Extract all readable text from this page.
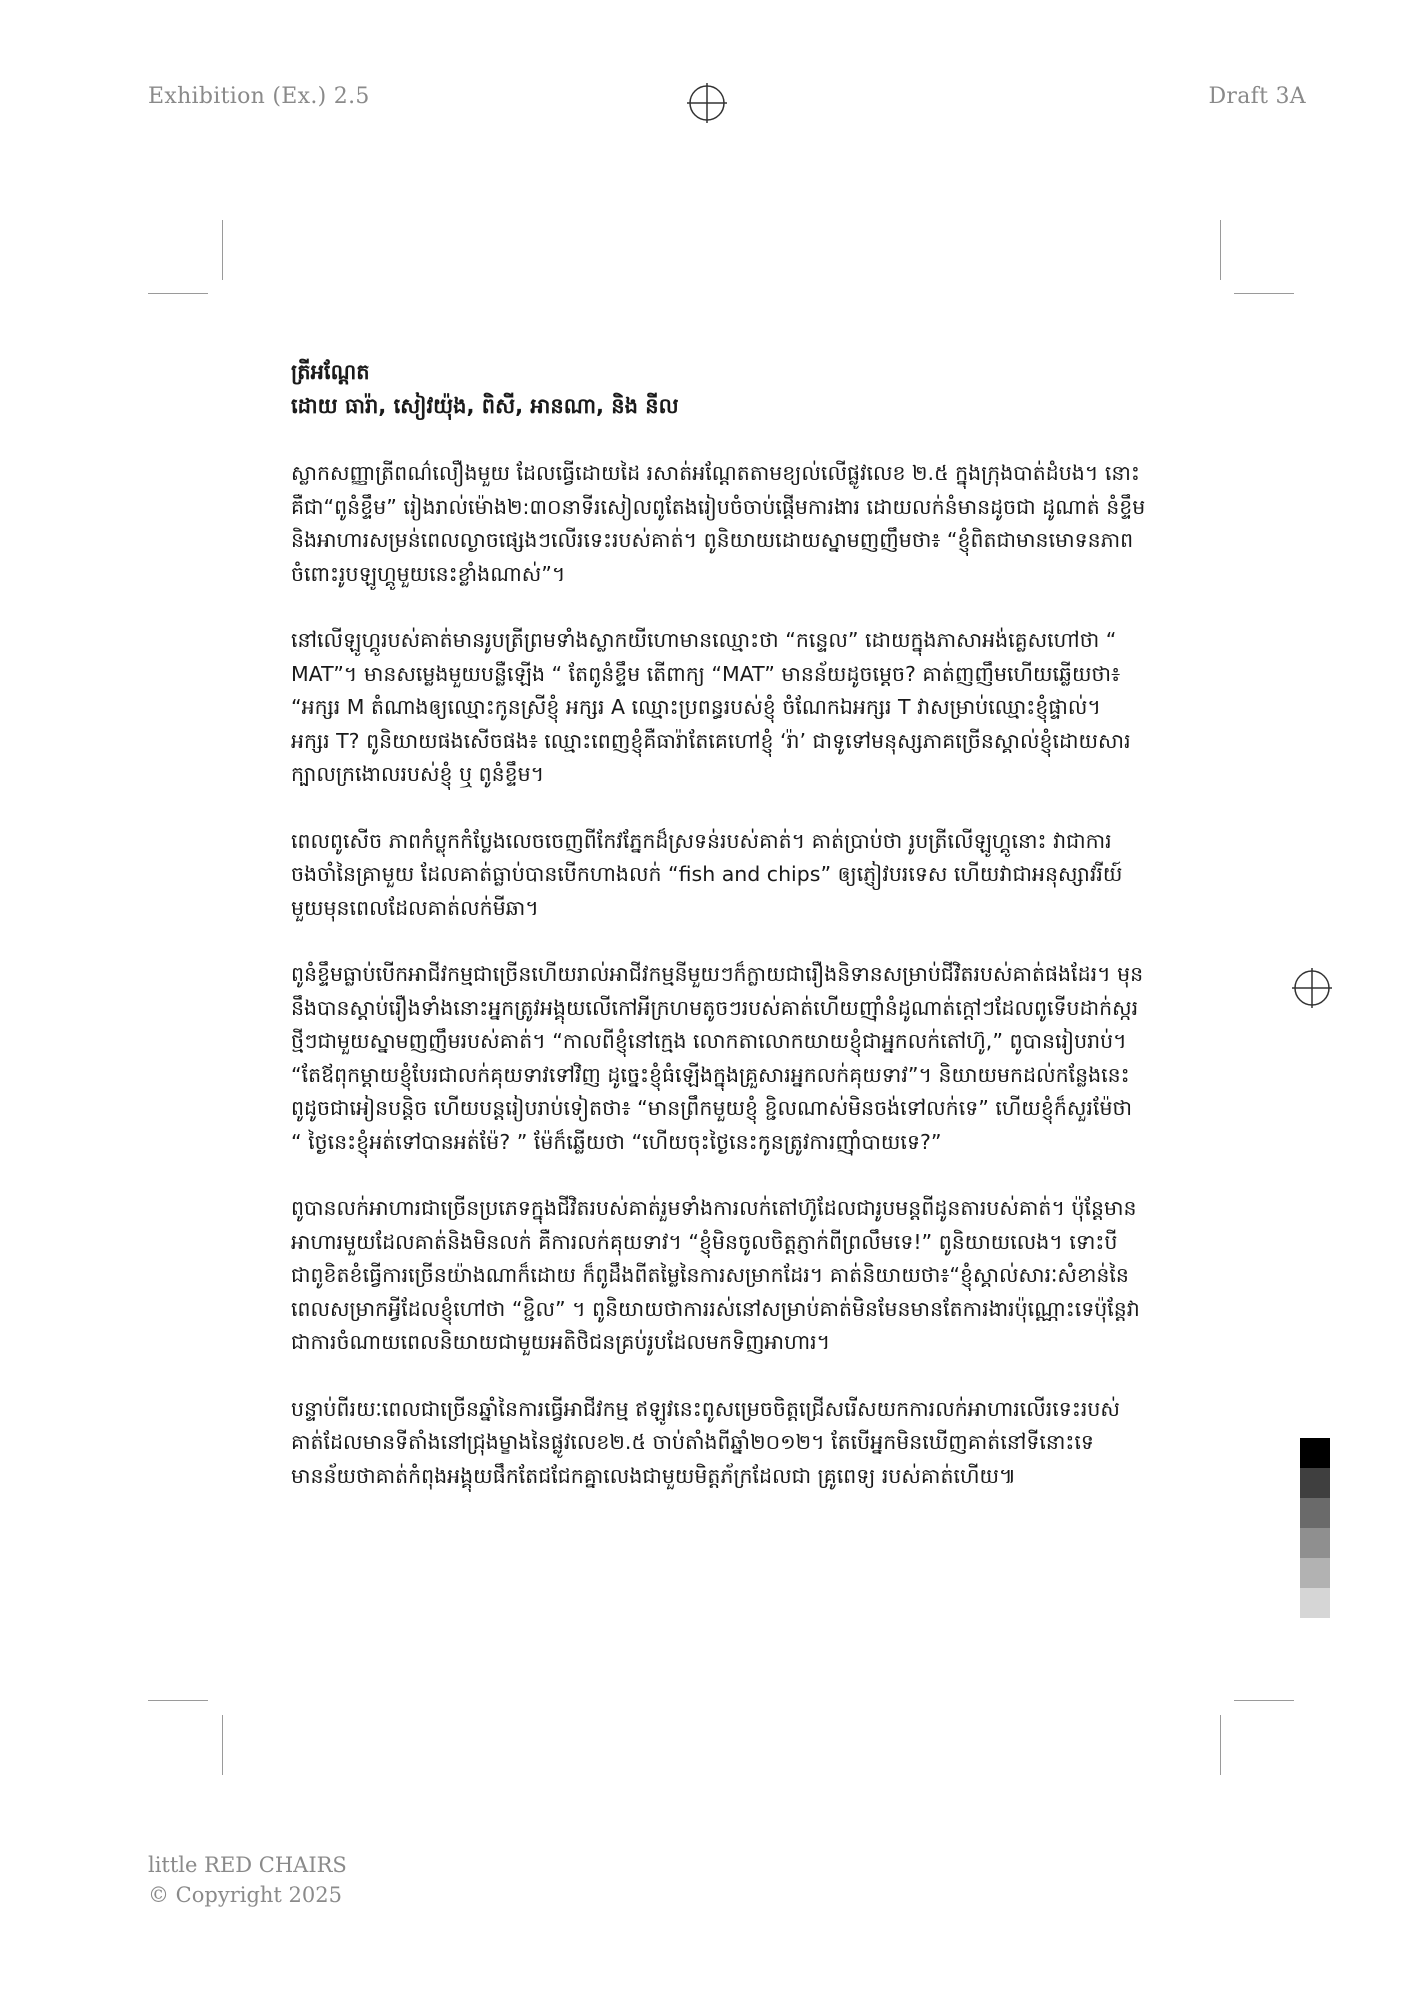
Exhibition (Ex.) 2.5	Draft 3A
ត្រីអណ្តែត
ដោយ ធារ៉ា, សៀវយ៉ុង, ពិសី, អានណា, និង នីល

ស្លាកសញ្ញាត្រីពណ៌លឿងមួយ ដែលធ្វើដោយដៃ រសាត់អណ្តែតតាមខ្យល់លើផ្លូវលេខ ២.៥ ក្នុងក្រុងបាត់ដំបង។ នោះគឺជា“ពូនំខ្ទឹម” រៀងរាល់ម៉ោង២:៣០នាទីរសៀលពូតែងរៀបចំចាប់ផ្តើមការងារ ដោយលក់នំមានដូចជា ដូណាត់ នំខ្ទឹម និងអាហារសម្រន់ពេលល្ងាចផ្សេងៗលើរទេះរបស់គាត់។ ពូនិយាយដោយស្នាមញញឹមថា៖ “ខ្ញុំពិតជាមានមោទនភាពចំពោះរូបឡូហ្គូមួយនេះខ្លាំងណាស់”។

នៅលើឡូហ្គូរបស់គាត់មានរូបត្រីព្រមទាំងស្លាកយីហោមានឈ្មោះថា “កន្ទេល” ដោយក្នុងភាសាអង់គ្លេសហៅថា “ MAT”។ មានសម្លេងមួយបន្លឺឡើង “ តែពូនំខ្ទឹម តើពាក្យ “MAT” មានន័យដូចម្តេច? គាត់ញញឹមហើយឆ្លើយថា៖ “អក្សរ M តំណាងឲ្យឈ្មោះកូនស្រីខ្ញុំ អក្សរ A ឈ្មោះប្រពន្ធរបស់ខ្ញុំ ចំណែកឯអក្សរ T វាសម្រាប់ឈ្មោះខ្ញុំផ្ទាល់។ អក្សរ T? ពូនិយាយផងសើចផង៖ ឈ្មោះពេញខ្ញុំគឺធារ៉ាតែគេហៅខ្ញុំ ‘រ៉ា’ ជាទូទៅមនុស្សភាគច្រើនស្គាល់ខ្ញុំដោយសារ ក្បាលក្រងោលរបស់ខ្ញុំ ឬ ពូនំខ្ទឹម។

ពេលពូសើច ភាពកំប្លុកកំប្លែងលេចចេញពីកែវភ្នែកដ៏ស្រទន់របស់គាត់។ គាត់ប្រាប់ថា រូបត្រីលើឡូហ្គូនោះ វាជាការចងចាំនៃគ្រាមួយ ដែលគាត់ធ្លាប់បានបើកហាងលក់ “fish and chips” ឲ្យភ្ញៀវបរទេស ហើយវាជាអនុស្សាវរីយ៍មួយមុនពេលដែលគាត់លក់មីឆា។

ពូនំខ្ទឹមធ្លាប់បើកអាជីវកម្មជាច្រើនហើយរាល់អាជីវកម្មនីមួយៗក៏ក្លាយជារឿងនិទានសម្រាប់ជីវិតរបស់គាត់ផងដែរ។ មុននឹងបានស្តាប់រឿងទាំងនោះអ្នកត្រូវអង្គុយលើកៅអីក្រហមតូចៗរបស់គាត់ហើយញ៉ាំនំដូណាត់ក្តៅៗដែលពូទើបដាក់ស្ករថ្មីៗជាមួយស្នាមញញឹមរបស់គាត់។ “កាលពីខ្ញុំនៅក្មេង លោកតាលោកយាយខ្ញុំជាអ្នកលក់តៅហ៊ូ,” ពូបានរៀបរាប់។ “តែឪពុកម្តាយខ្ញុំបែរជាលក់គុយទាវទៅវិញ ដូច្នេះខ្ញុំធំឡើងក្នុងគ្រួសារអ្នកលក់គុយទាវ”។ និយាយមកដល់កន្លែងនេះ ពូដូចជាអៀនបន្តិច ហើយបន្តរៀបរាប់ទៀតថា៖ “មានព្រឹកមួយខ្ញុំ ខ្ជិលណាស់មិនចង់ទៅលក់ទេ” ហើយខ្ញុំក៏សួរម៉ែថា “ ថ្ងៃនេះខ្ញុំអត់ទៅបានអត់ម៉ែ? ” ម៉ែក៏ឆ្លើយថា “ហើយចុះថ្ងៃនេះកូនត្រូវការញ៉ាំបាយទេ?”

ពូបានលក់អាហារជាច្រើនប្រភេទក្នុងជីវិតរបស់គាត់រួមទាំងការលក់តៅហ៊ូដែលជារូបមន្តពីដូនតារបស់គាត់។ ប៉ុន្តែមានអាហារមួយដែលគាត់និងមិនលក់ គឺការលក់គុយទាវ។ “ខ្ញុំមិនចូលចិត្តភ្ញាក់ពីព្រលឹមទេ!” ពូនិយាយលេង។ ទោះបីជាពូខិតខំធ្វើការច្រើនយ៉ាងណាក៏ដោយ ក៏ពូដឹងពីតម្លៃនៃការសម្រាកដែរ។ គាត់និយាយថា៖“ខ្ញុំស្គាល់សារៈសំខាន់នៃពេលសម្រាកអ្វីដែលខ្ញុំហៅថា “ខ្ជិល” ។ ពូនិយាយថាការរស់នៅសម្រាប់គាត់មិនមែនមានតែការងារប៉ុណ្ណោះទេប៉ុន្តែវាជាការចំណាយពេលនិយាយជាមួយអតិថិជនគ្រប់រូបដែលមកទិញអាហារ។

បន្ទាប់ពីរយៈពេលជាច្រើនឆ្នាំនៃការធ្វើអាជីវកម្ម ឥឡូវនេះពូសម្រេចចិត្តជ្រើសរើសយកការលក់អាហារលើរទេះរបស់គាត់ដែលមានទីតាំងនៅជ្រុងម្ខាងនៃផ្លូវលេខ២.៥ ចាប់តាំងពីឆ្នាំ២០១២។ តែបើអ្នកមិនឃើញគាត់នៅទីនោះទេមានន័យថាគាត់កំពុងអង្គុយផឹកតែជជែកគ្នាលេងជាមួយមិត្តភ័ក្រដែលជា គ្រូពេទ្យ របស់គាត់ហើយ៕

little RED CHAIRS
© Copyright 2025
